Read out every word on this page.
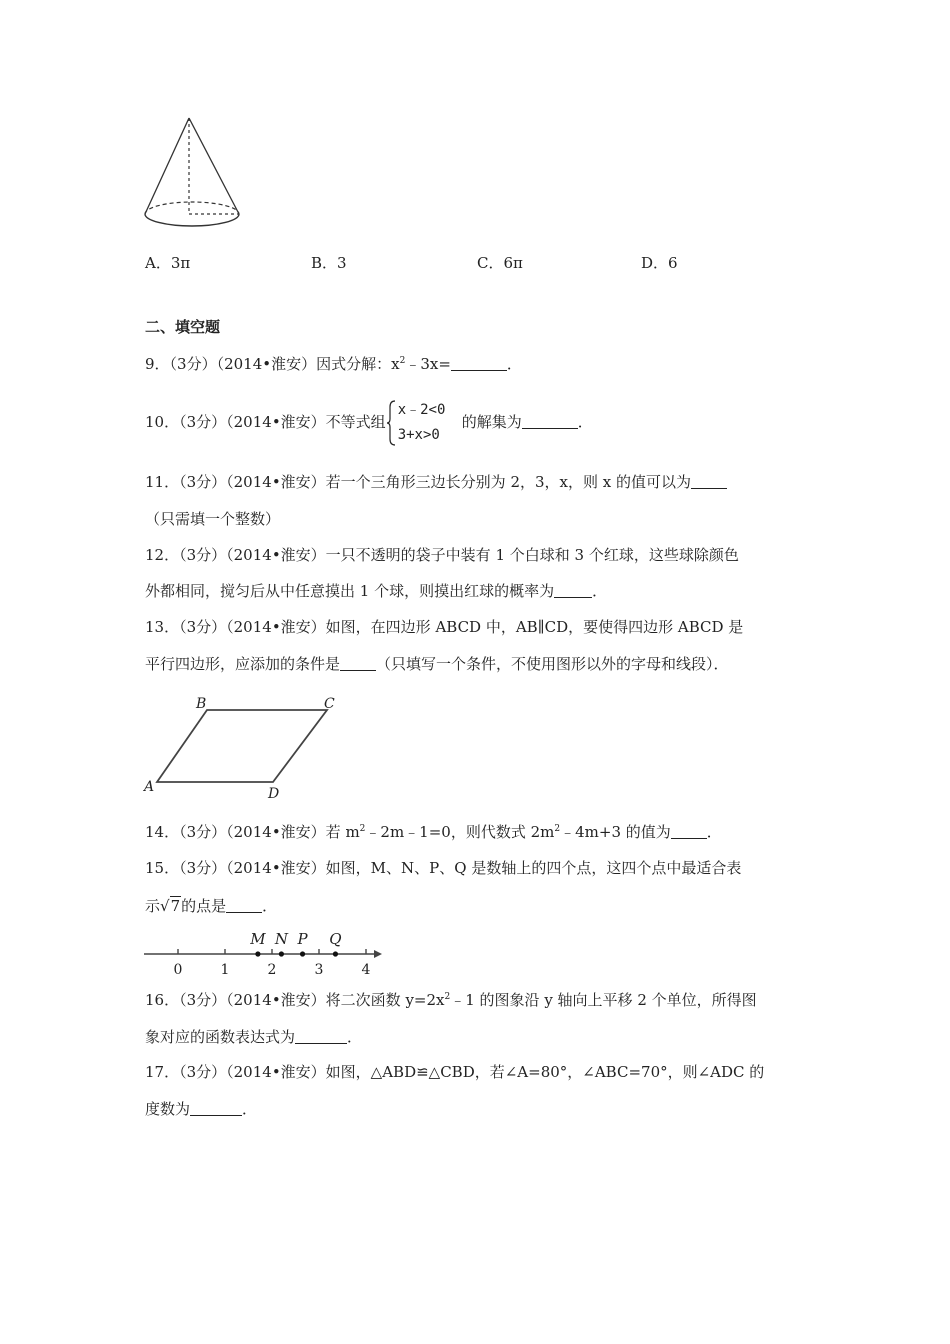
A．3π	B．3	C．6π	D．6
二、填空题
9．（3分）（2014•淮安）因式分解：$x^2﹣3x=$	．
10．（3分）（2014•淮安）不等式组
x﹣2<0
3+x>0
的解集为	．
11．（3分）（2014•淮安）若一个三角形三边长分别为 2，3，x，则 x 的值可以为
（只需填一个整数）
12．（3分）（2014•淮安）一只不透明的袋子中装有 1 个白球和 3 个红球，这些球除颜色
外都相同，搅匀后从中任意摸出 1 个球，则摸出红球的概率为	．
13．（3分）（2014•淮安）如图，在四边形 ABCD 中，AB∥CD，要使得四边形 ABCD 是
平行四边形，应添加的条件是 （只填写一个条件，不使用图形以外的字母和线段）．
A
B	C
D
14．（3分）（2014•淮安）若 $m^2﹣2m﹣1=0$，则代数式 $2m^2﹣4m+3$ 的值为 ．
15．（3分）（2014•淮安）如图，M、N、P、Q 是数轴上的四个点，这四个点中最适合表
示√7的点是 ．
0	1	2	3	4
M N P Q
16．（3分）（2014•淮安）将二次函数 $y=2x^2﹣1$ 的图象沿 y 轴向上平移 2 个单位，所得图
象对应的函数表达式为	．
17．（3分）（2014•淮安）如图，△ABD≌△CBD，若∠A=80°，∠ABC=70°，则∠ADC 的
度数为	．
